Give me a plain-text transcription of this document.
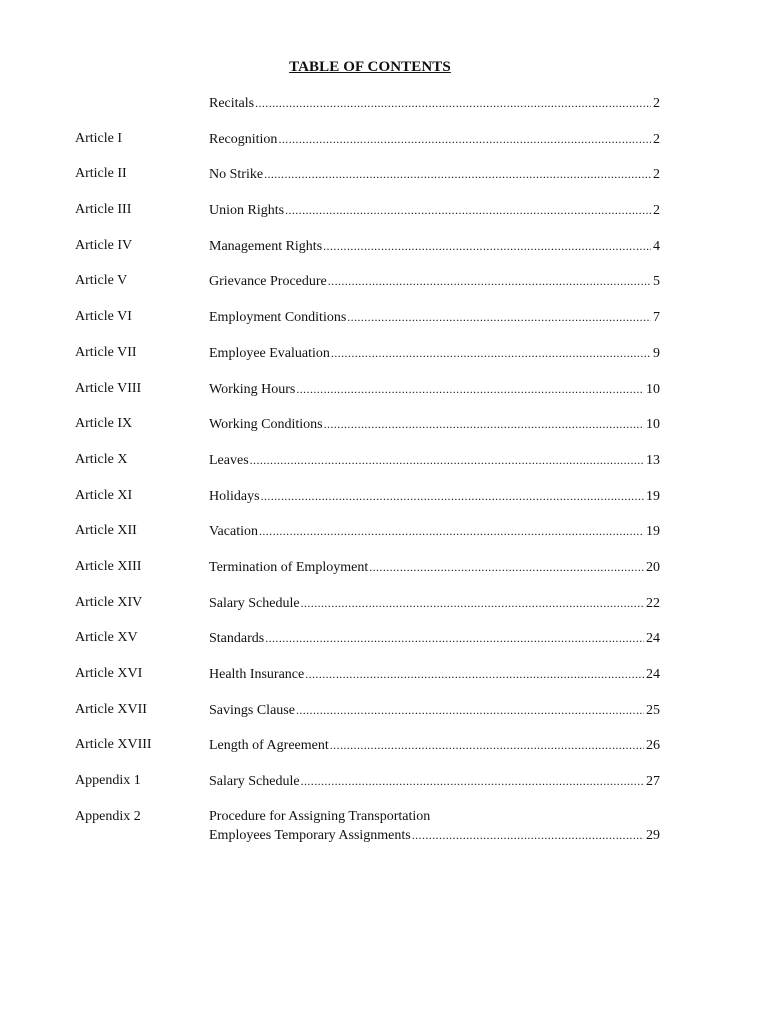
TABLE OF CONTENTS
Recitals .....	2
Article I	Recognition .....	2
Article II	No Strike .....	2
Article III	Union Rights .....	2
Article IV	Management Rights .....	4
Article V	Grievance Procedure .....	5
Article VI	Employment Conditions .....	7
Article VII	Employee Evaluation .....	9
Article VIII	Working Hours .....	10
Article IX	Working Conditions .....	10
Article X	Leaves .....	13
Article XI	Holidays .....	19
Article XII	Vacation .....	19
Article XIII	Termination of Employment .....	20
Article XIV	Salary Schedule .....	22
Article XV	Standards .....	24
Article XVI	Health Insurance .....	24
Article XVII	Savings Clause .....	25
Article XVIII	Length of Agreement .....	26
Appendix 1	Salary Schedule .....	27
Appendix 2	Procedure for Assigning Transportation
Employees Temporary Assignments .....	29
